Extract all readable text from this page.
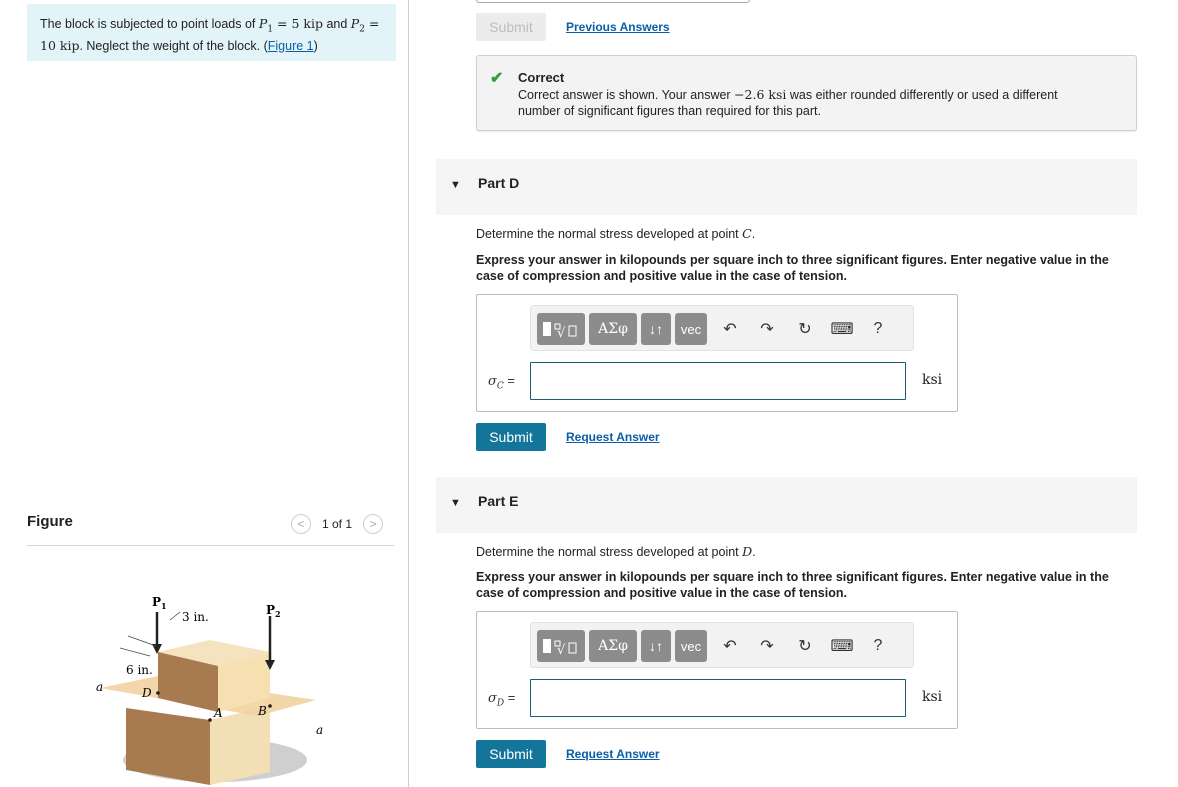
The block is subjected to point loads of $P_1 = 5$ kip and $P_2 = 10$ kip. Neglect the weight of the block. (Figure 1)
Figure	< 1 of 1 >
P 1	P 2
3 in.
6 in.
a
a
D
A	B
Submit	Previous Answers
✔ Correct
Correct answer is shown. Your answer −2.6 ksi was either rounded differently or used a different
number of significant figures than required for this part.
▼ Part D
Determine the normal stress developed at point C.
Express your answer in kilopounds per square inch to three significant figures. Enter negative value in the case of compression and positive value in the case of tension.
√	ΑΣφ	↓↑	vec	↶ ↷ ↻ ⌨	?
$\sigma_C$ =	ksi
Submit	Request Answer
▼ Part E
Determine the normal stress developed at point D.
Express your answer in kilopounds per square inch to three significant figures. Enter negative value in the case of compression and positive value in the case of tension.
√	ΑΣφ	↓↑	vec	↶ ↷ ↻ ⌨	?
$\sigma_D$ =	ksi
Submit	Request Answer
